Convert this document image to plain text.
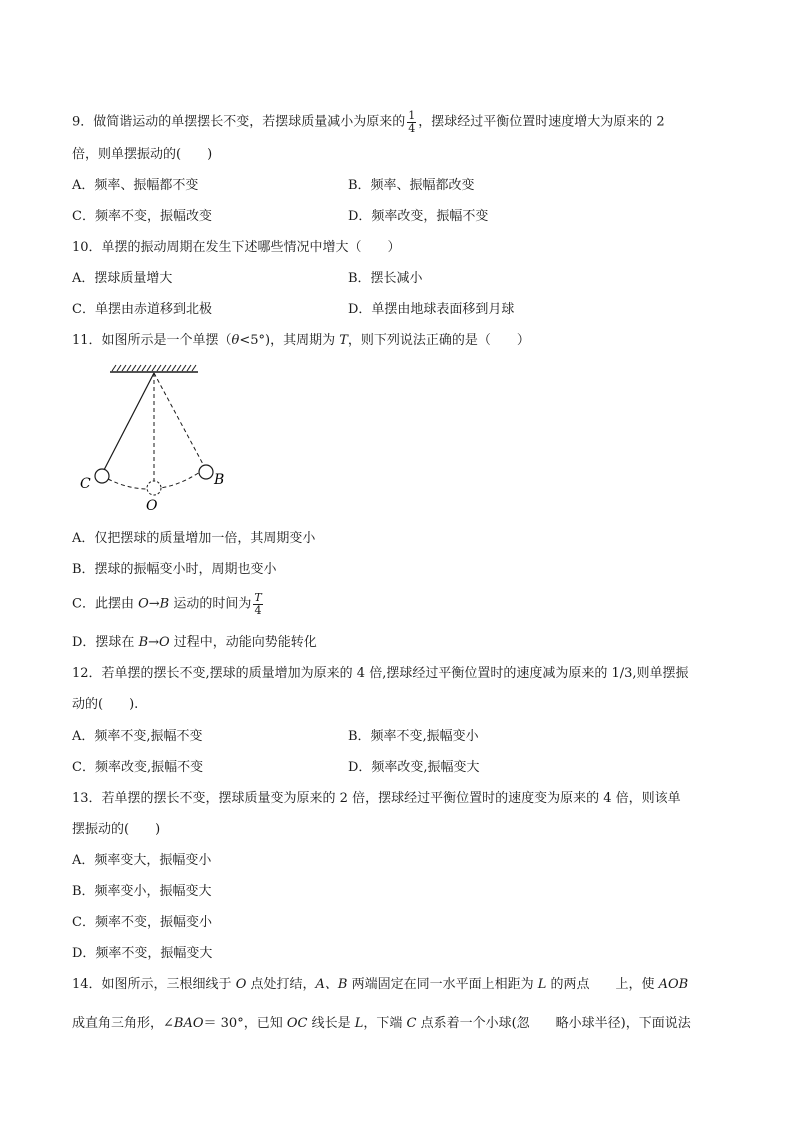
9．做简谐运动的单摆摆长不变，若摆球质量减小为原来的 $\frac{1}{4}$ ，摆球经过平衡位置时速度增大为原来的 2
倍，则单摆振动的(　　)
A．频率、振幅都不变	B．频率、振幅都改变
C．频率不变，振幅改变	D．频率改变，振幅不变
10．单摆的振动周期在发生下述哪些情况中增大（　　）
A．摆球质量增大	B．摆长减小
C．单摆由赤道移到北极	D．单摆由地球表面移到月球
11．如图所示是一个单摆（θ<5°)，其周期为 T，则下列说法正确的是（　　）
C	B
O
A．仅把摆球的质量增加一倍，其周期变小
B．摆球的振幅变小时，周期也变小
C．此摆由 O→B 运动的时间为 $\frac{T}{4}$
D．摆球在 B→O 过程中，动能向势能转化
12．若单摆的摆长不变,摆球的质量增加为原来的 4 倍,摆球经过平衡位置时的速度减为原来的 1/3,则单摆振
动的(　　).
A．频率不变,振幅不变	B．频率不变,振幅变小
C．频率改变,振幅不变	D．频率改变,振幅变大
13．若单摆的摆长不变，摆球质量变为原来的 2 倍，摆球经过平衡位置时的速度变为原来的 4 倍，则该单
摆振动的(　　)
A．频率变大，振幅变小
B．频率变小，振幅变大
C．频率不变，振幅变小
D．频率不变，振幅变大
14．如图所示，三根细线于 O 点处打结，A、B 两端固定在同一水平面上相距为 L 的两点　　上，使 AOB
成直角三角形，∠BAO＝ 30°，已知 OC 线长是 L，下端 C 点系着一个小球(忽　　略小球半径)，下面说法
